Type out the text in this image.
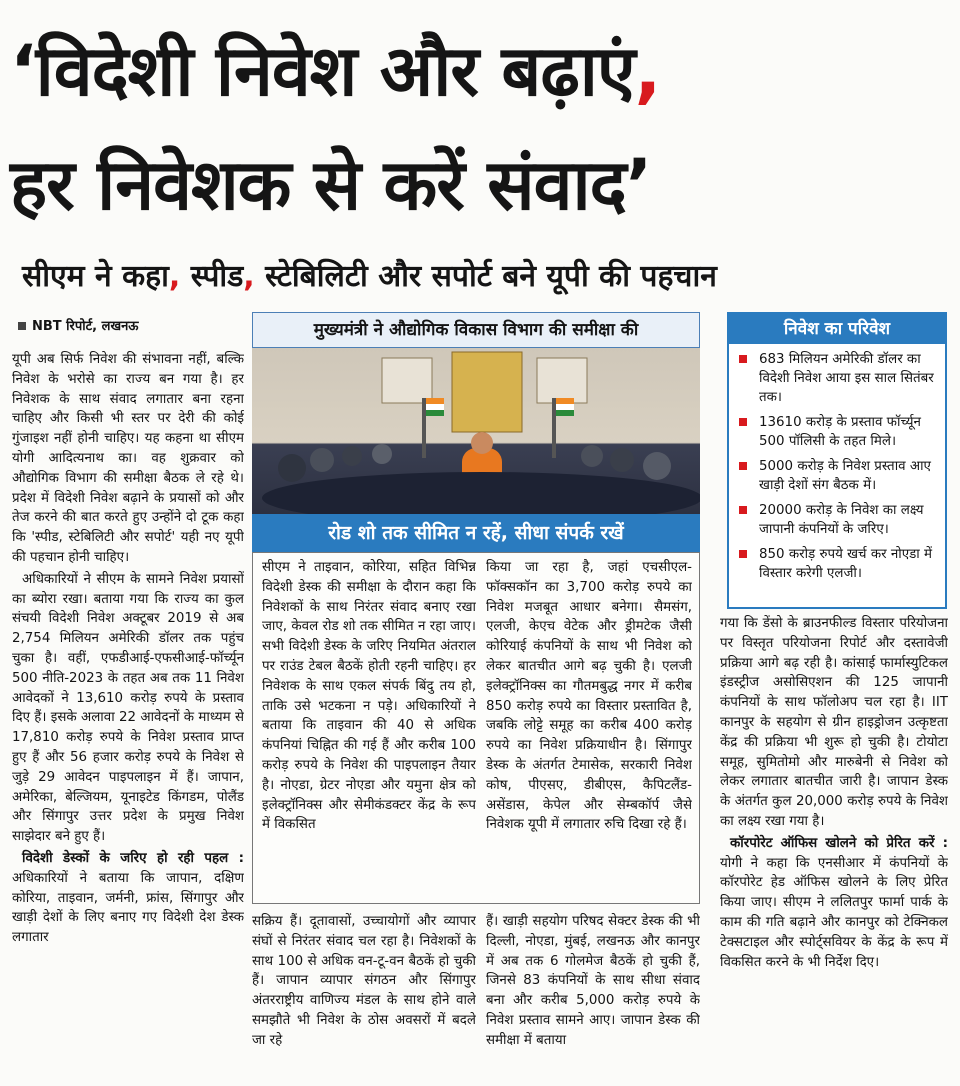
‘विदेशी निवेश और बढ़ाएं,
हर निवेशक से करें संवाद’
सीएम ने कहा, स्पीड, स्टेबिलिटी और सपोर्ट बने यूपी की पहचान
NBT रिपोर्ट, लखनऊ

यूपी अब सिर्फ निवेश की संभावना नहीं, बल्कि निवेश के भरोसे का राज्य बन गया है। हर निवेशक के साथ संवाद लगातार बना रहना चाहिए और किसी भी स्तर पर देरी की कोई गुंजाइश नहीं होनी चाहिए। यह कहना था सीएम योगी आदित्यनाथ का। वह शुक्रवार को औद्योगिक विभाग की समीक्षा बैठक ले रहे थे। प्रदेश में विदेशी निवेश बढ़ाने के प्रयासों को और तेज करने की बात करते हुए उन्होंने दो टूक कहा कि 'स्पीड, स्टेबिलिटी और सपोर्ट' यही नए यूपी की पहचान होनी चाहिए।

अधिकारियों ने सीएम के सामने निवेश प्रयासों का ब्योरा रखा। बताया गया कि राज्य का कुल संचयी विदेशी निवेश अक्टूबर 2019 से अब 2,754 मिलियन अमेरिकी डॉलर तक पहुंच चुका है। वहीं, एफडीआई-एफसीआई-फॉर्च्यून 500 नीति-2023 के तहत अब तक 11 निवेश आवेदकों ने 13,610 करोड़ रुपये के प्रस्ताव दिए हैं। इसके अलावा 22 आवेदनों के माध्यम से 17,810 करोड़ रुपये के निवेश प्रस्ताव प्राप्त हुए हैं और 56 हजार करोड़ रुपये के निवेश से जुड़े 29 आवेदन पाइपलाइन में हैं। जापान, अमेरिका, बेल्जियम, यूनाइटेड किंगडम, पोलैंड और सिंगापुर उत्तर प्रदेश के प्रमुख निवेश साझेदार बने हुए हैं।

विदेशी डेस्कों के जरिए हो रही पहल : अधिकारियों ने बताया कि जापान, दक्षिण कोरिया, ताइवान, जर्मनी, फ्रांस, सिंगापुर और खाड़ी देशों के लिए बनाए गए विदेशी देश डेस्क लगातार

मुख्यमंत्री ने औद्योगिक विकास विभाग की समीक्षा की
रोड शो तक सीमित न रहें, सीधा संपर्क रखें

सीएम ने ताइवान, कोरिया, सहित विभिन्न विदेशी डेस्क की समीक्षा के दौरान कहा कि निवेशकों के साथ निरंतर संवाद बनाए रखा जाए, केवल रोड शो तक सीमित न रहा जाए। सभी विदेशी डेस्क के जरिए नियमित अंतराल पर राउंड टेबल बैठकें होती रहनी चाहिए। हर निवेशक के साथ एकल संपर्क बिंदु तय हो, ताकि उसे भटकना न पड़े। अधिकारियों ने बताया कि ताइवान की 40 से अधिक कंपनियां चिह्नित की गई हैं और करीब 100 करोड़ रुपये के निवेश की पाइपलाइन तैयार है। नोएडा, ग्रेटर नोएडा और यमुना क्षेत्र को इलेक्ट्रॉनिक्स और सेमीकंडक्टर केंद्र के रूप में विकसित

किया जा रहा है, जहां एचसीएल-फॉक्सकॉन का 3,700 करोड़ रुपये का निवेश मजबूत आधार बनेगा। सैमसंग, एलजी, केएच वेटेक और ड्रीमटेक जैसी कोरियाई कंपनियों के साथ भी निवेश को लेकर बातचीत आगे बढ़ चुकी है। एलजी इलेक्ट्रॉनिक्स का गौतमबुद्ध नगर में करीब 850 करोड़ रुपये का विस्तार प्रस्तावित है, जबकि लोट्टे समूह का करीब 400 करोड़ रुपये का निवेश प्रक्रियाधीन है। सिंगापुर डेस्क के अंतर्गत टेमासेक, सरकारी निवेश कोष, पीएसए, डीबीएस, कैपिटलैंड-असेंडास, केपेल और सेम्बकॉर्प जैसे निवेशक यूपी में लगातार रुचि दिखा रहे हैं।

सक्रिय हैं। दूतावासों, उच्चायोगों और व्यापार संघों से निरंतर संवाद चल रहा है। निवेशकों के साथ 100 से अधिक वन-टू-वन बैठकें हो चुकी हैं। जापान व्यापार संगठन और सिंगापुर अंतरराष्ट्रीय वाणिज्य मंडल के साथ होने वाले समझौते भी निवेश के ठोस अवसरों में बदले जा रहे

हैं। खाड़ी सहयोग परिषद सेक्टर डेस्क की भी दिल्ली, नोएडा, मुंबई, लखनऊ और कानपुर में अब तक 6 गोलमेज बैठकें हो चुकी हैं, जिनसे 83 कंपनियों के साथ सीधा संवाद बना और करीब 5,000 करोड़ रुपये के निवेश प्रस्ताव सामने आए। जापान डेस्क की समीक्षा में बताया

निवेश का परिवेश
683 मिलियन अमेरिकी डॉलर का विदेशी निवेश आया इस साल सितंबर तक।
13610 करोड़ के प्रस्ताव फॉर्च्यून 500 पॉलिसी के तहत मिले।
5000 करोड़ के निवेश प्रस्ताव आए खाड़ी देशों संग बैठक में।
20000 करोड़ के निवेश का लक्ष्य जापानी कंपनियों के जरिए।
850 करोड़ रुपये खर्च कर नोएडा में विस्तार करेगी एलजी।

गया कि डेंसो के ब्राउनफील्ड विस्तार परियोजना पर विस्तृत परियोजना रिपोर्ट और दस्तावेजी प्रक्रिया आगे बढ़ रही है। कांसाई फार्मास्युटिकल इंडस्ट्रीज असोसिएशन की 125 जापानी कंपनियों के साथ फॉलोअप चल रहा है। IIT कानपुर के सहयोग से ग्रीन हाइड्रोजन उत्कृष्टता केंद्र की प्रक्रिया भी शुरू हो चुकी है। टोयोटा समूह, सुमितोमो और मारुबेनी से निवेश को लेकर लगातार बातचीत जारी है। जापान डेस्क के अंतर्गत कुल 20,000 करोड़ रुपये के निवेश का लक्ष्य रखा गया है।

कॉरपोरेट ऑफिस खोलने को प्रेरित करें : योगी ने कहा कि एनसीआर में कंपनियों के कॉरपोरेट हेड ऑफिस खोलने के लिए प्रेरित किया जाए। सीएम ने ललितपुर फार्मा पार्क के काम की गति बढ़ाने और कानपुर को टेक्निकल टेक्सटाइल और स्पोर्ट्सवियर के केंद्र के रूप में विकसित करने के भी निर्देश दिए।
